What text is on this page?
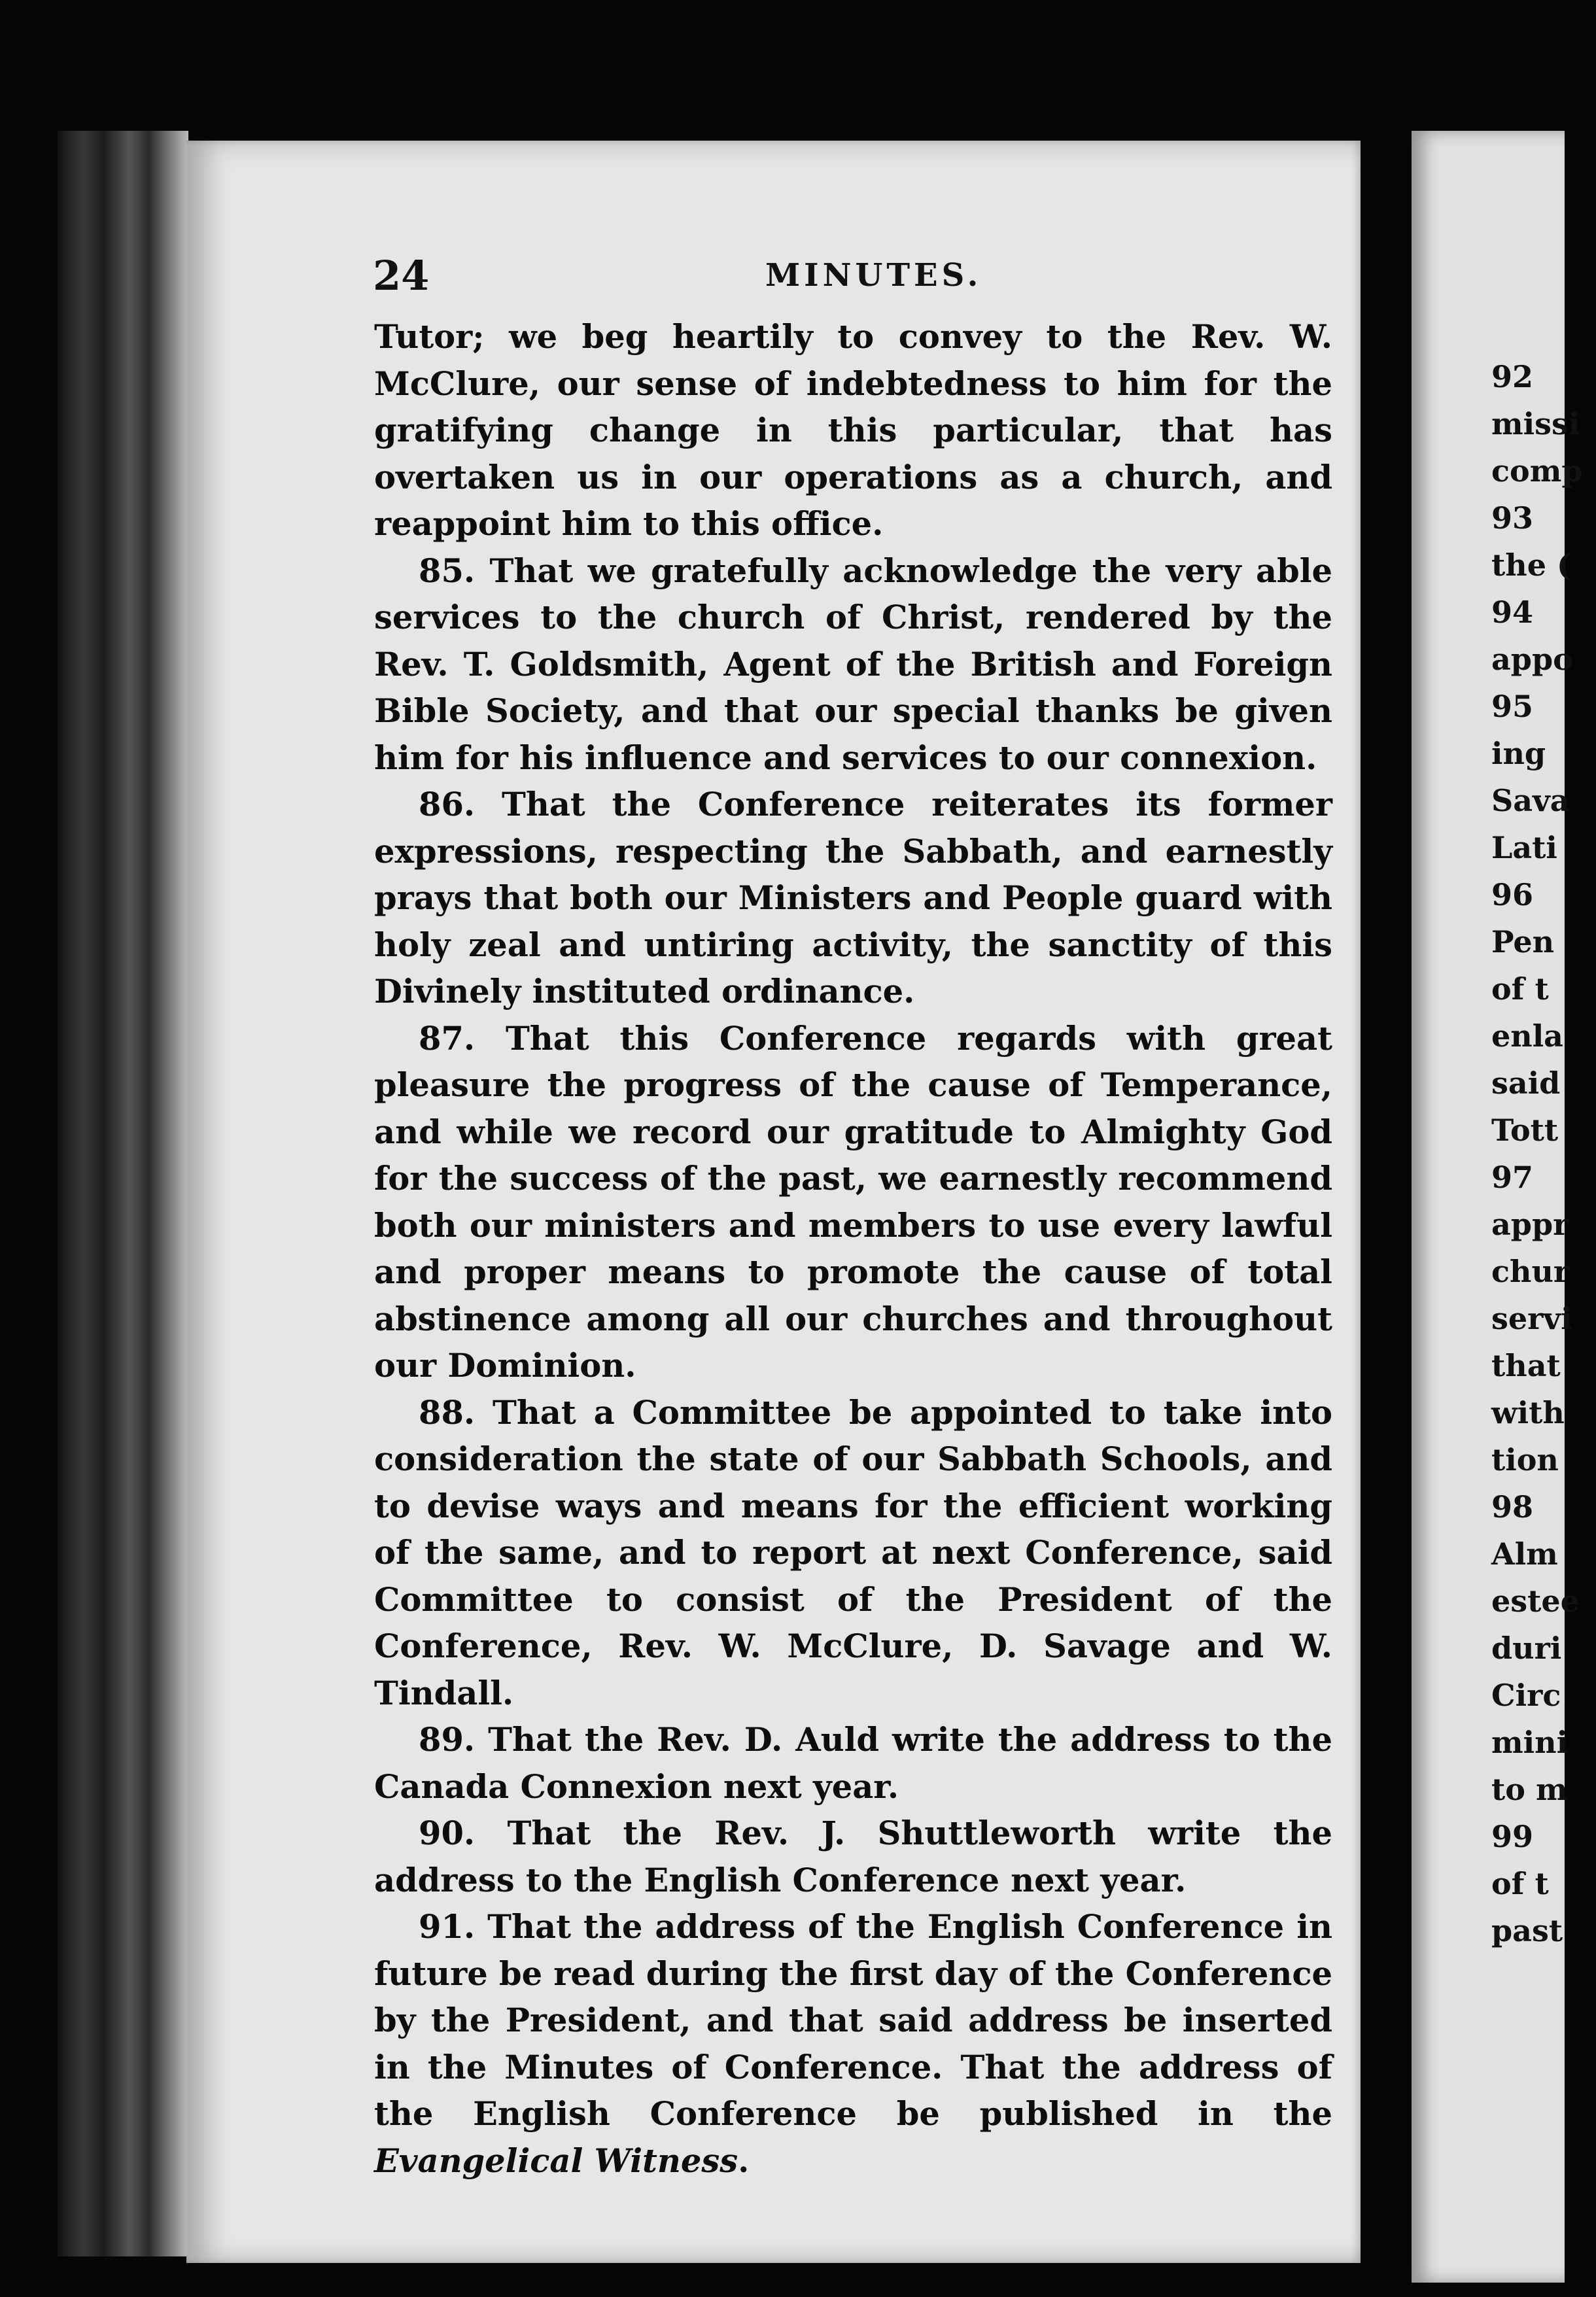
24	MINUTES.

Tutor; we beg heartily to convey to the Rev. W. McClure, our sense of indebtedness to him for the gratifying change in this particular, that has overtaken us in our operations as a church, and reappoint him to this office.

85. That we gratefully acknowledge the very able services to the church of Christ, rendered by the Rev. T. Goldsmith, Agent of the British and Foreign Bible Society, and that our special thanks be given him for his influence and services to our connexion.

86. That the Conference reiterates its former expressions, respecting the Sabbath, and earnestly prays that both our Ministers and People guard with holy zeal and untiring activity, the sanctity of this Divinely instituted ordinance.

87. That this Conference regards with great pleasure the progress of the cause of Temperance, and while we record our gratitude to Almighty God for the success of the past, we earnestly recommend both our ministers and members to use every lawful and proper means to promote the cause of total abstinence among all our churches and throughout our Dominion.

88. That a Committee be appointed to take into consideration the state of our Sabbath Schools, and to devise ways and means for the efficient working of the same, and to report at next Conference, said Committee to consist of the President of the Conference, Rev. W. McClure, D. Savage and W. Tindall.

89. That the Rev. D. Auld write the address to the Canada Connexion next year.

90. That the Rev. J. Shuttleworth write the address to the English Conference next year.

91. That the address of the English Conference in future be read during the first day of the Conference by the President, and that said address be inserted in the Minutes of Conference. That the address of the English Conference be published in the Evangelical Witness.

92
missi
comp
93
the (
94
appo
95
ing
Sava
Lati
96
Pen
of t
enla
said
Tott
97
appr
chur
servi
that
with
tion
98
Alm
estee
duri
Circ
mini
to m
99
of t
past
